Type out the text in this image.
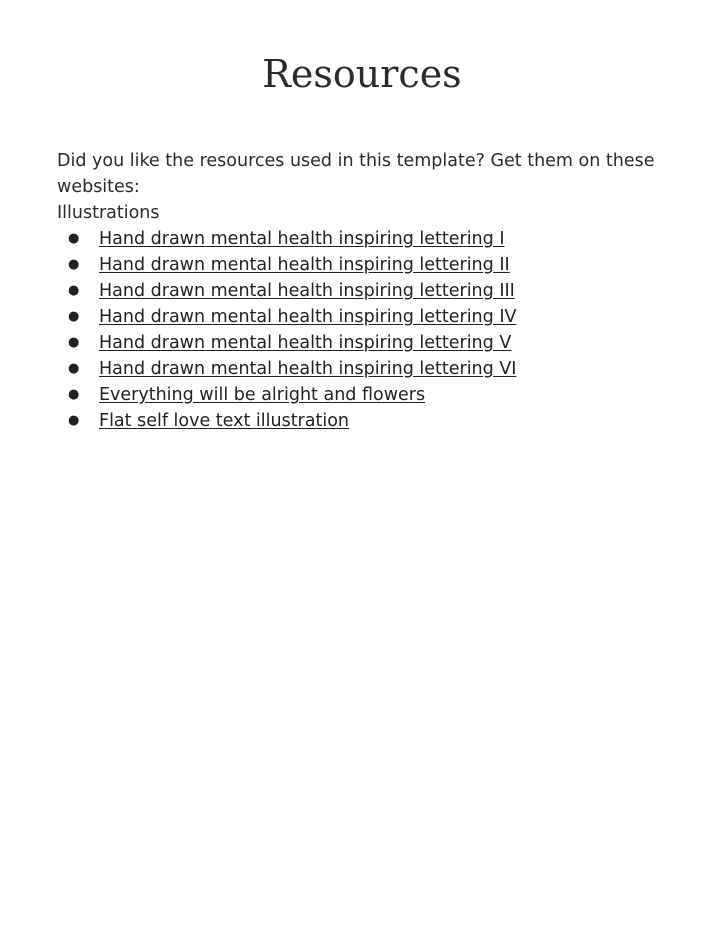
Resources

Did you like the resources used in this template? Get them on these websites:

Illustrations

● Hand drawn mental health inspiring lettering I
● Hand drawn mental health inspiring lettering II
● Hand drawn mental health inspiring lettering III
● Hand drawn mental health inspiring lettering IV
● Hand drawn mental health inspiring lettering V
● Hand drawn mental health inspiring lettering VI
● Everything will be alright and flowers
● Flat self love text illustration
